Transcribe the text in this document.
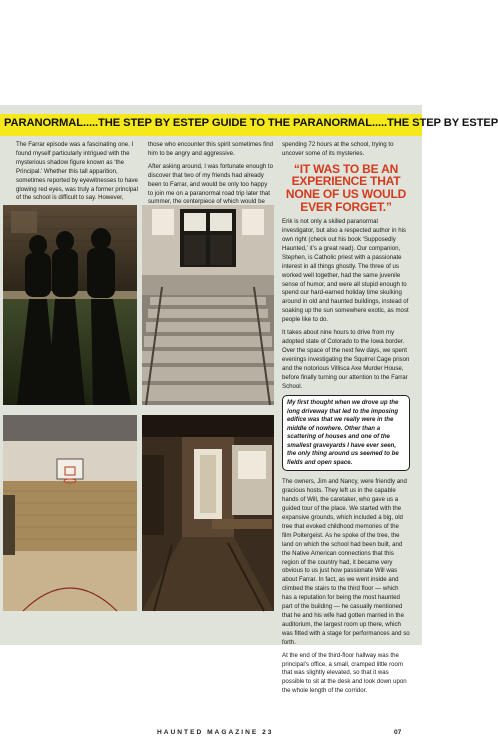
PARANORMAL.....THE STEP BY ESTEP GUIDE TO THE PARANORMAL.....THE STEP BY ESTEP

The Farrar episode was a fascinating one. I found myself particularly intrigued with the mysterious shadow figure known as ‘the Principal.’ Whether this tall apparition, sometimes reported by eyewitnesses to have glowing red eyes, was truly a former principal of the school is difficult to say. However,

those who encounter this spirit sometimes find him to be angry and aggressive.

After asking around, I was fortunate enough to discover that two of my friends had already been to Farrar, and would be only too happy to join me on a paranormal road trip later that summer, the centerpiece of which would be

spending 72 hours at the school, trying to uncover some of its mysteries.

“IT WAS TO BE AN EXPERIENCE THAT NONE OF US WOULD EVER FORGET.”

Erik is not only a skilled paranormal investigator, but also a respected author in his own right (check out his book ‘Supposedly Haunted,’ it’s a great read). Our companion, Stephen, is Catholic priest with a passionate interest in all things ghostly. The three of us worked well together, had the same juvenile sense of humor, and were all stupid enough to spend our hard-earned holiday time skulking around in old and haunted buildings, instead of soaking up the sun somewhere exotic, as most people like to do.

It takes about nine hours to drive from my adopted state of Colorado to the Iowa border. Over the space of the next few days, we spent evenings investigating the Squirrel Cage prison and the notorious Villisca Axe Murder House, before finally turning our attention to the Farrar School.

My first thought when we drove up the long driveway that led to the imposing edifice was that we really were in the middle of nowhere. Other than a scattering of houses and one of the smallest graveyards I have ever seen, the only thing around us seemed to be fields and open space.

The owners, Jim and Nancy, were friendly and gracious hosts. They left us in the capable hands of Will, the caretaker, who gave us a guided tour of the place. We started with the expansive grounds, which included a big, old tree that evoked childhood memories of the film Poltergeist. As he spoke of the tree, the land on which the school had been built, and the Native American connections that this region of the country had, it became very obvious to us just how passionate Will was about Farrar. In fact, as we went inside and climbed the stairs to the third floor — which has a reputation for being the most haunted part of the building — he casually mentioned that he and his wife had gotten married in the auditorium, the largest room up there, which was fitted with a stage for performances and so forth.

At the end of the third-floor hallway was the principal’s office, a small, cramped little room that was slightly elevated, so that it was possible to sit at the desk and look down upon the whole length of the corridor.

HAUNTED MAGAZINE 23	07
